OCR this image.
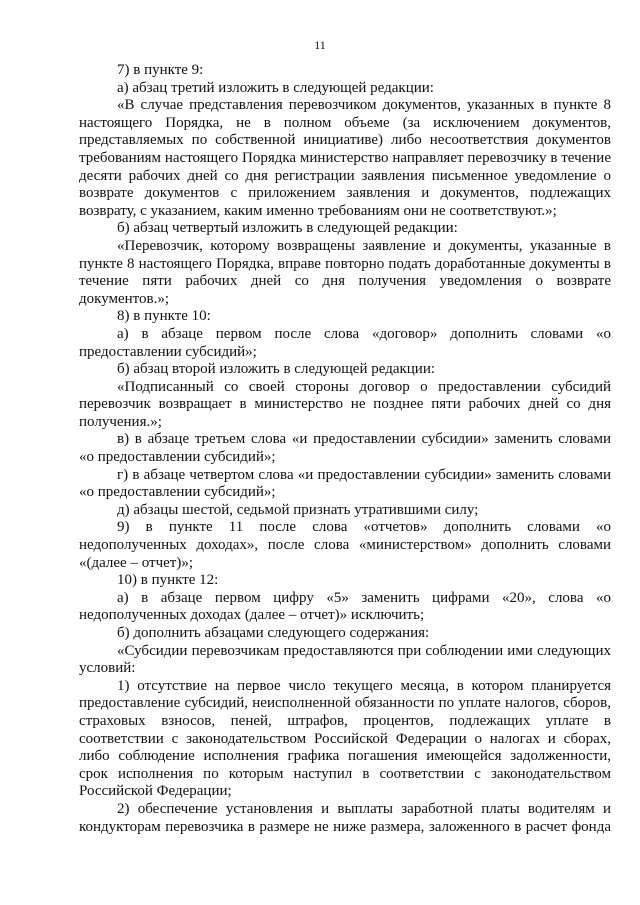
11

7) в пункте 9:

а) абзац третий изложить в следующей редакции:

«В случае представления перевозчиком документов, указанных в пункте 8 настоящего Порядка, не в полном объеме (за исключением документов, представляемых по собственной инициативе) либо несоответствия документов требованиям настоящего Порядка министерство направляет перевозчику в течение десяти рабочих дней со дня регистрации заявления письменное уведомление о возврате документов с приложением заявления и документов, подлежащих возврату, с указанием, каким именно требованиям они не соответствуют.»;

б) абзац четвертый изложить в следующей редакции:

«Перевозчик, которому возвращены заявление и документы, указанные в пункте 8 настоящего Порядка, вправе повторно подать доработанные документы в течение пяти рабочих дней со дня получения уведомления о возврате документов.»;

8) в пункте 10:

а) в абзаце первом после слова «договор» дополнить словами «о предоставлении субсидий»;

б) абзац второй изложить в следующей редакции:

«Подписанный со своей стороны договор о предоставлении субсидий перевозчик возвращает в министерство не позднее пяти рабочих дней со дня получения.»;

в) в абзаце третьем слова «и предоставлении субсидии» заменить словами «о предоставлении субсидий»;

г) в абзаце четвертом слова «и предоставлении субсидии» заменить словами «о предоставлении субсидий»;

д) абзацы шестой, седьмой признать утратившими силу;

9) в пункте 11 после слова «отчетов» дополнить словами «о недополученных доходах», после слова «министерством» дополнить словами «(далее – отчет)»;

10) в пункте 12:

а) в абзаце первом цифру «5» заменить цифрами «20», слова «о недополученных доходах (далее – отчет)» исключить;

б) дополнить абзацами следующего содержания:

«Субсидии перевозчикам предоставляются при соблюдении ими следующих условий:

1) отсутствие на первое число текущего месяца, в котором планируется предоставление субсидий, неисполненной обязанности по уплате налогов, сборов, страховых взносов, пеней, штрафов, процентов, подлежащих уплате в соответствии с законодательством Российской Федерации о налогах и сборах, либо соблюдение исполнения графика погашения имеющейся задолженности, срок исполнения по которым наступил в соответствии с законодательством Российской Федерации;

2) обеспечение установления и выплаты заработной платы водителям и кондукторам перевозчика в размере не ниже размера, заложенного в расчет фонда
